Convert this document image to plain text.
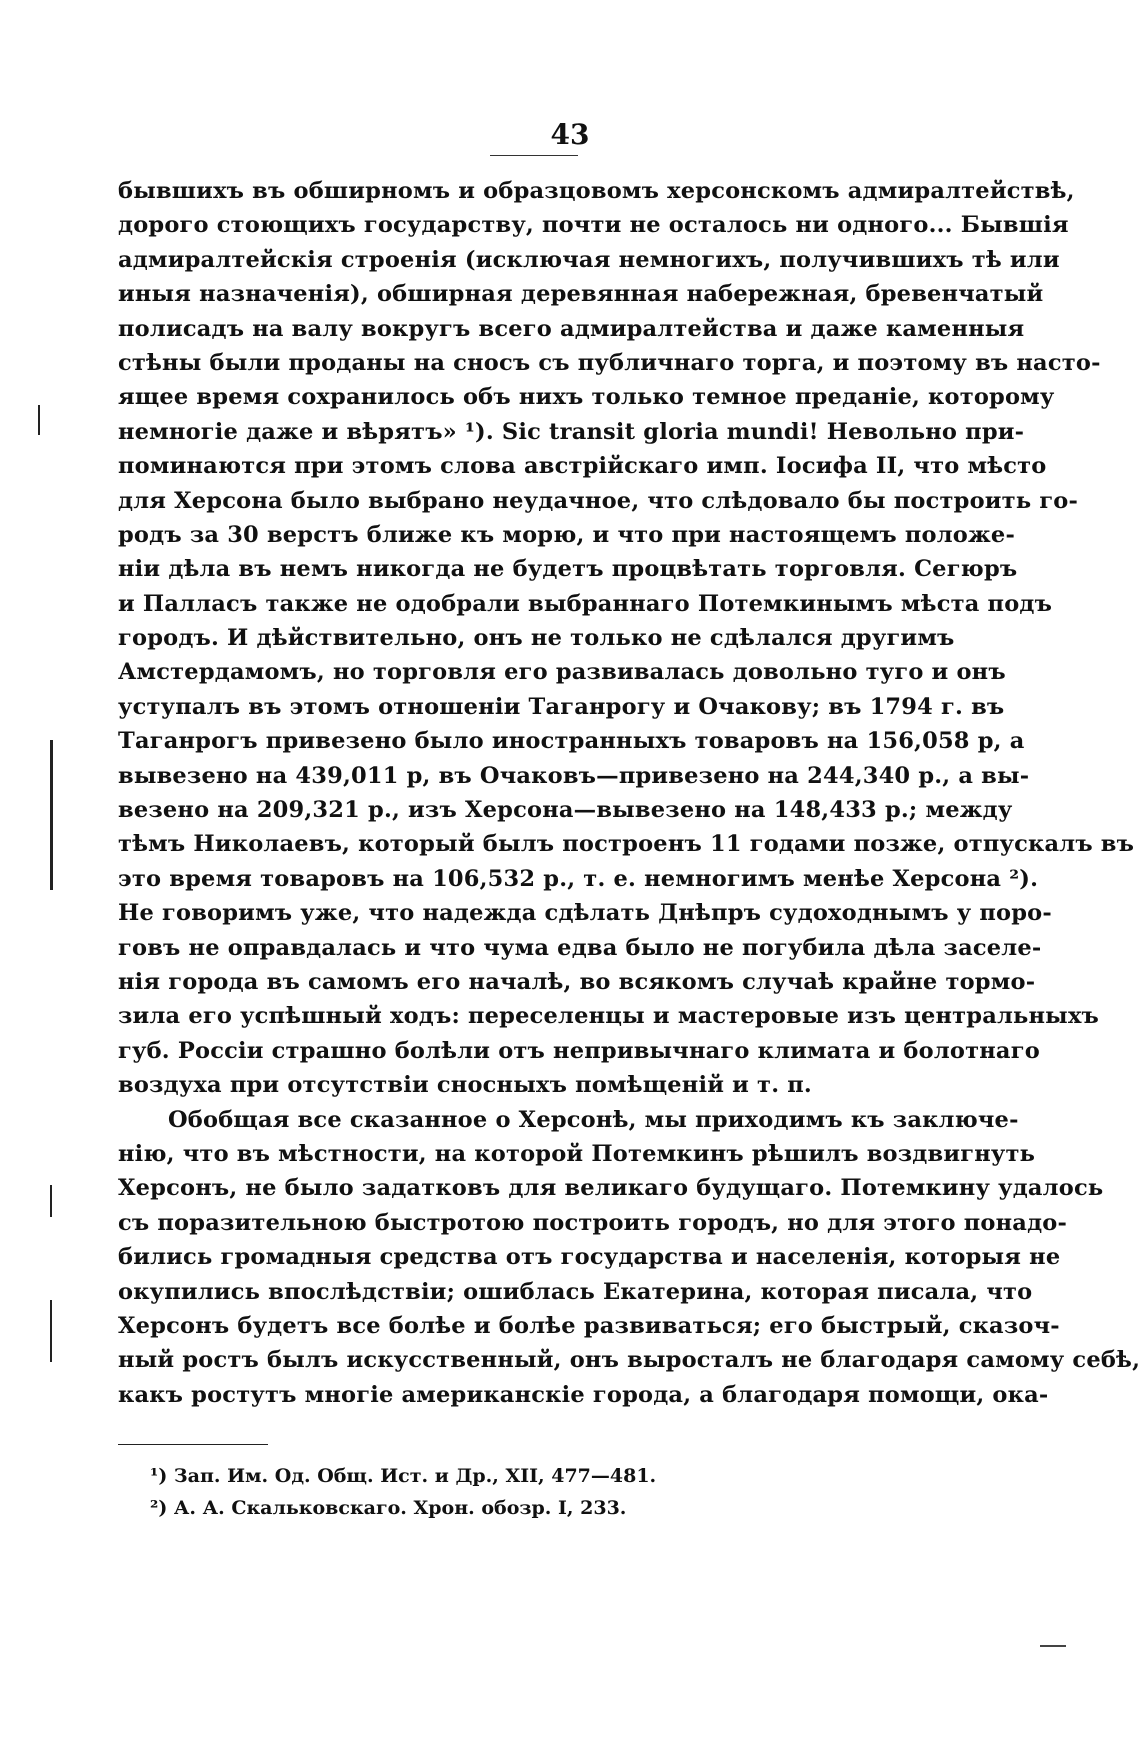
43
бывшихъ въ обширномъ и образцовомъ херсонскомъ адмиралтействѣ,
дорого стоющихъ государству, почти не осталось ни одного... Бывшія
адмиралтейскія строенія (исключая немногихъ, получившихъ тѣ или
иныя назначенія), обширная деревянная набережная, бревенчатый
полисадъ на валу вокругъ всего адмиралтейства и даже каменныя
стѣны были проданы на сносъ съ публичнаго торга, и поэтому въ насто-
ящее время сохранилось объ нихъ только темное преданіе, которому
немногіе даже и вѣрятъ» ¹). Sic transit gloria mundi! Невольно при-
поминаются при этомъ слова австрійскаго имп. Іосифа II, что мѣсто
для Херсона было выбрано неудачное, что слѣдовало бы построить го-
родъ за 30 верстъ ближе къ морю, и что при настоящемъ положе-
ніи дѣла въ немъ никогда не будетъ процвѣтать торговля. Сегюръ
и Палласъ также не одобрали выбраннаго Потемкинымъ мѣста подъ
городъ. И дѣйствительно, онъ не только не сдѣлался другимъ
Амстердамомъ, но торговля его развивалась довольно туго и онъ
уступалъ въ этомъ отношеніи Таганрогу и Очакову; въ 1794 г. въ
Таганрогъ привезено было иностранныхъ товаровъ на 156,058 р, а
вывезено на 439,011 р, въ Очаковъ—привезено на 244,340 р., а вы-
везено на 209,321 р., изъ Херсона—вывезено на 148,433 р.; между
тѣмъ Николаевъ, который былъ построенъ 11 годами позже, отпускалъ въ
это время товаровъ на 106,532 р., т. е. немногимъ менѣе Херсона ²).
Не говоримъ уже, что надежда сдѣлать Днѣпръ судоходнымъ у поро-
говъ не оправдалась и что чума едва было не погубила дѣла заселе-
нія города въ самомъ его началѣ, во всякомъ случаѣ крайне тормо-
зила его успѣшный ходъ: переселенцы и мастеровые изъ центральныхъ
губ. Россіи страшно болѣли отъ непривычнаго климата и болотнаго
воздуха при отсутствіи сносныхъ помѣщеній и т. п.
Обобщая все сказанное о Херсонѣ, мы приходимъ къ заключе-
нію, что въ мѣстности, на которой Потемкинъ рѣшилъ воздвигнуть
Херсонъ, не было задатковъ для великаго будущаго. Потемкину удалось
съ поразительною быстротою построить городъ, но для этого понадо-
бились громадныя средства отъ государства и населенія, которыя не
окупились впослѣдствіи; ошиблась Екатерина, которая писала, что
Херсонъ будетъ все болѣе и болѣе развиваться; его быстрый, сказоч-
ный ростъ былъ искусственный, онъ выросталъ не благодаря самому себѣ,
какъ ростутъ многіе американскіе города, а благодаря помощи, ока-
¹) Зап. Им. Од. Общ. Ист. и Др., XII, 477—481.
²) А. А. Скальковскаго. Хрон. обозр. I, 233.
